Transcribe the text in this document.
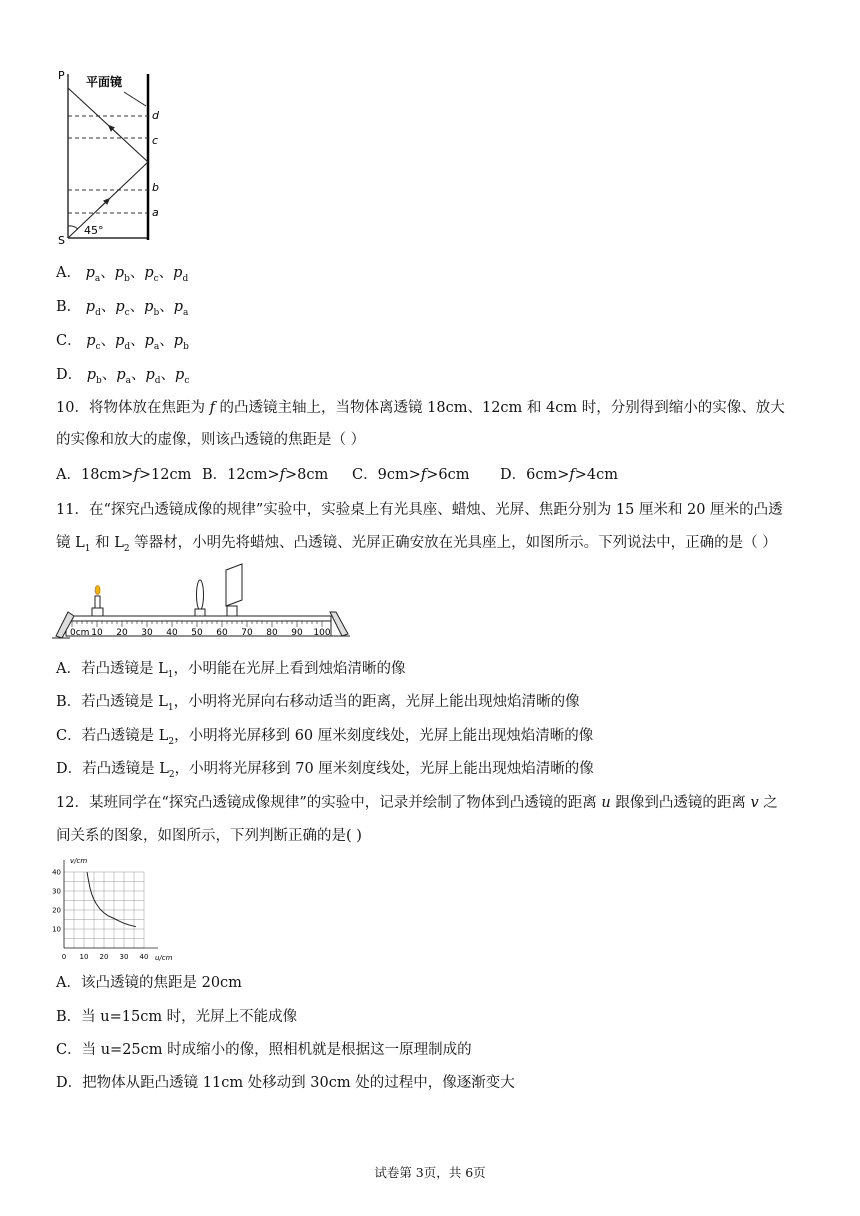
P
S
平面镜
45°
d
c
b
a
A． $p_a$、$p_b$、$p_c$、$p_d$
B． $p_d$、$p_c$、$p_b$、$p_a$
C． $p_c$、$p_d$、$p_a$、$p_b$
D． $p_b$、$p_a$、$p_d$、$p_c$
10．将物体放在焦距为 f 的凸透镜主轴上，当物体离透镜 18cm、12cm 和 4cm 时，分别得到缩小的实像、放大
的实像和放大的虚像，则该凸透镜的焦距是（ ）
A．18cm>f>12cm B．12cm>f>8cm C．9cm>f>6cm D．6cm>f>4cm
11．在“探究凸透镜成像的规律”实验中，实验桌上有光具座、蜡烛、光屏、焦距分别为 15 厘米和 20 厘米的凸透
镜 $L_1$ 和 $L_2$ 等器材，小明先将蜡烛、凸透镜、光屏正确安放在光具座上，如图所示。下列说法中，正确的是（ ）
0cm 10 20 30 40 50 60 70 80 90 100
A．若凸透镜是 $L_1$，小明能在光屏上看到烛焰清晰的像
B．若凸透镜是 $L_1$，小明将光屏向右移动适当的距离，光屏上能出现烛焰清晰的像
C．若凸透镜是 $L_2$，小明将光屏移到 60 厘米刻度线处，光屏上能出现烛焰清晰的像
D．若凸透镜是 $L_2$，小明将光屏移到 70 厘米刻度线处，光屏上能出现烛焰清晰的像
12．某班同学在“探究凸透镜成像规律”的实验中，记录并绘制了物体到凸透镜的距离 u 跟像到凸透镜的距离 v 之
间关系的图象，如图所示，下列判断正确的是( )
0 10 20 30 40
10
20
30
40
v/cm
u/cm
A．该凸透镜的焦距是 20cm
B．当 u=15cm 时，光屏上不能成像
C．当 u=25cm 时成缩小的像，照相机就是根据这一原理制成的
D．把物体从距凸透镜 11cm 处移动到 30cm 处的过程中，像逐渐变大
试卷第 3页，共 6页
